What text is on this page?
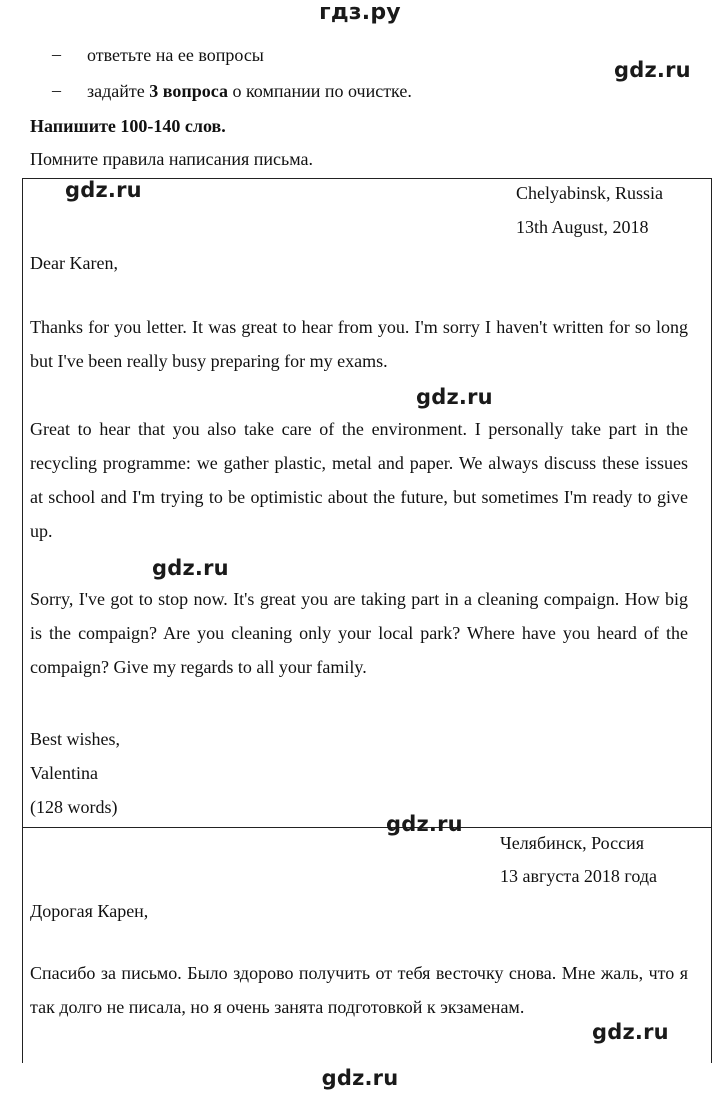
гдз.ру
– ответьте на ее вопросы
– задайте 3 вопроса о компании по очистке.
Напишите 100-140 слов.
Помните правила написания письма.
gdz.ru
gdz.ru	Chelyabinsk, Russia
13th August, 2018
Dear Karen,
Thanks for you letter. It was great to hear from you. I'm sorry I haven't written for so long but I've been really busy preparing for my exams.
gdz.ru
Great to hear that you also take care of the environment. I personally take part in the recycling programme: we gather plastic, metal and paper. We always discuss these issues at school and I'm trying to be optimistic about the future, but sometimes I'm ready to give up.
gdz.ru
Sorry, I've got to stop now. It's great you are taking part in a cleaning compaign. How big is the compaign? Are you cleaning only your local park? Where have you heard of the compaign? Give my regards to all your family.
Best wishes,
Valentina
(128 words)
gdz.ru
Челябинск, Россия
13 августа 2018 года
Дорогая Карен,
Спасибо за письмо. Было здорово получить от тебя весточку снова. Мне жаль, что я так долго не писала, но я очень занята подготовкой к экзаменам.
gdz.ru
gdz.ru
